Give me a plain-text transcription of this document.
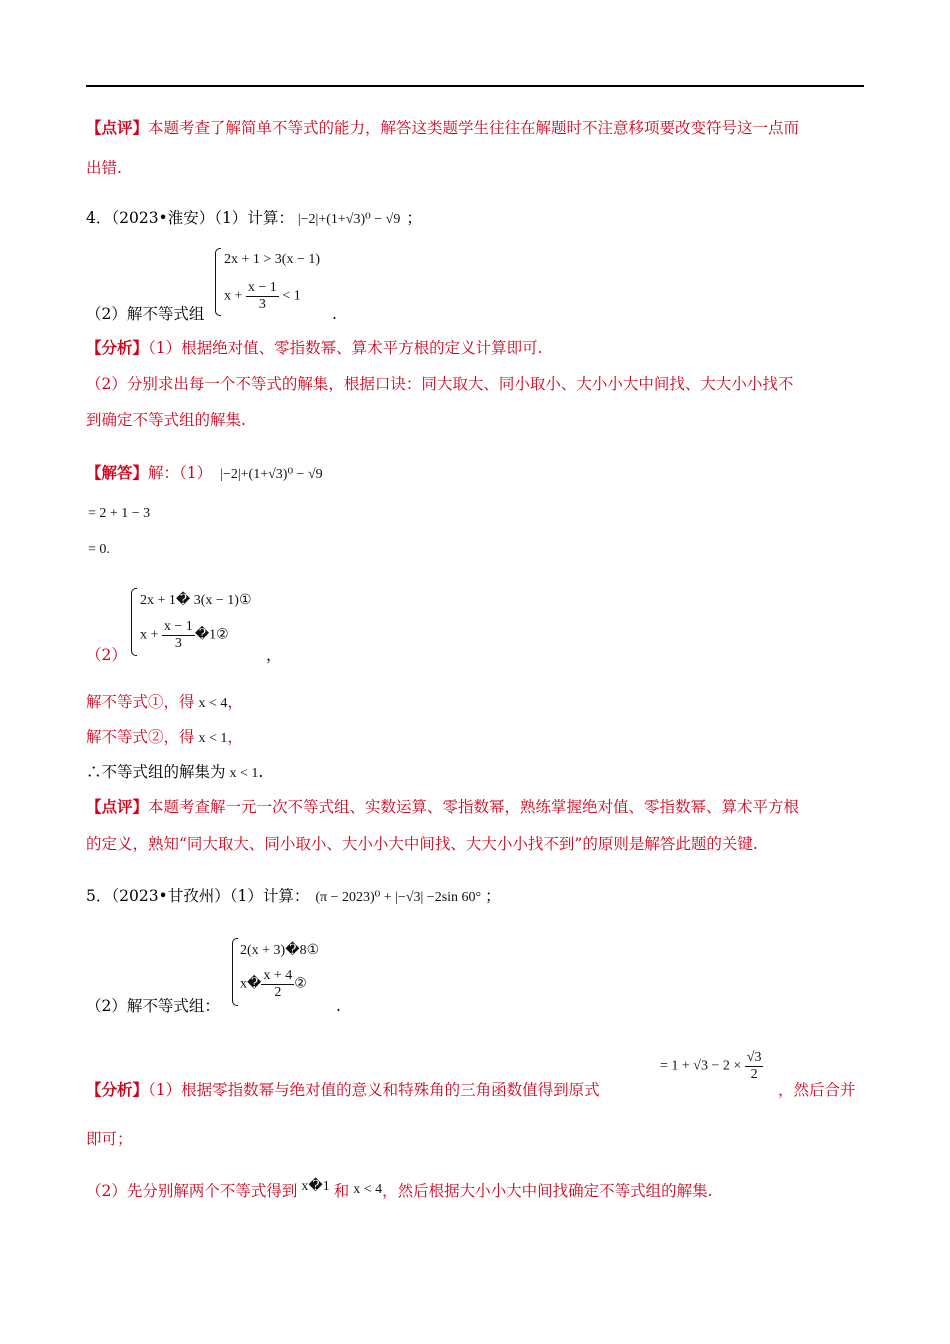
【点评】本题考查了解简单不等式的能力，解答这类题学生往往在解题时不注意移项要改变符号这一点而
出错.
4．（2023•淮安）（1）计算： |−2|+(1+√3)⁰ − √9 ；
2x + 1 > 3(x − 1)
$x + \frac{x - 1}{3} < 1$
（2）解不等式组	.
【分析】（1）根据绝对值、零指数幂、算术平方根的定义计算即可.
（2）分别求出每一个不等式的解集，根据口诀：同大取大、同小取小、大小小大中间找、大大小小找不
到确定不等式组的解集.
【解答】解：（1） |−2|+(1+√3)⁰ − √9
= 2 + 1 − 3
= 0.
2x + 1� 3(x − 1)①
$x + \frac{x - 1}{3}$ �1②
（2）	，
解不等式①，得 x < 4，
解不等式②，得 x < 1，
∴不等式组的解集为 x < 1.
【点评】本题考查解一元一次不等式组、实数运算、零指数幂，熟练掌握绝对值、零指数幂、算术平方根
的定义，熟知“同大取大、同小取小、大小小大中间找、大大小小找不到”的原则是解答此题的关键.
5．（2023•甘孜州）（1）计算： (π − 2023)⁰ + |−√3| −2sin 60° ；
2(x + 3)�8①
x� $\frac{x + 4}{2}$ ②
（2）解不等式组：	.
【分析】（1）根据零指数幂与绝对值的意义和特殊角的三角函数值得到原式
= $1 + √3 - 2 \times \frac{√3}{2}$
，然后合并
即可；
（2）先分别解两个不等式得到 x�1 和 x < 4，然后根据大小小大中间找确定不等式组的解集.
